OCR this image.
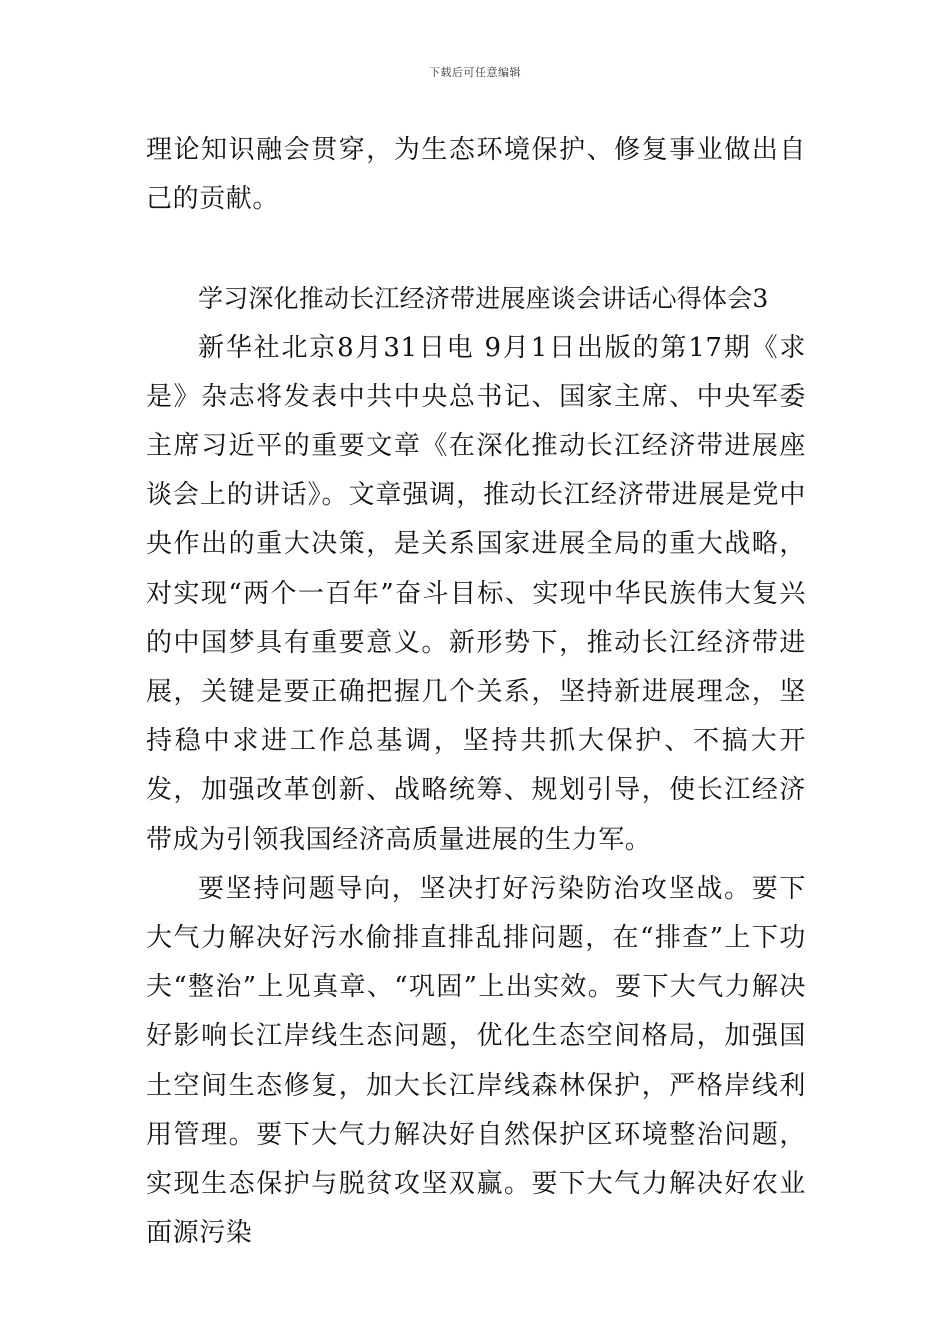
下载后可任意编辑

理论知识融会贯穿，为生态环境保护、修复事业做出自己的贡献。

学习深化推动长江经济带进展座谈会讲话心得体会3

新华社北京8月31日电 9月1日出版的第17期《求是》杂志将发表中共中央总书记、国家主席、中央军委主席习近平的重要文章《在深化推动长江经济带进展座谈会上的讲话》。文章强调，推动长江经济带进展是党中央作出的重大决策，是关系国家进展全局的重大战略，对实现“两个一百年”奋斗目标、实现中华民族伟大复兴的中国梦具有重要意义。新形势下，推动长江经济带进展，关键是要正确把握几个关系，坚持新进展理念，坚持稳中求进工作总基调，坚持共抓大保护、不搞大开发，加强改革创新、战略统筹、规划引导，使长江经济带成为引领我国经济高质量进展的生力军。

要坚持问题导向，坚决打好污染防治攻坚战。要下大气力解决好污水偷排直排乱排问题，在“排查”上下功夫“整治”上见真章、“巩固”上出实效。要下大气力解决好影响长江岸线生态问题，优化生态空间格局，加强国土空间生态修复，加大长江岸线森林保护，严格岸线利用管理。要下大气力解决好自然保护区环境整治问题，实现生态保护与脱贫攻坚双赢。要下大气力解决好农业面源污染
